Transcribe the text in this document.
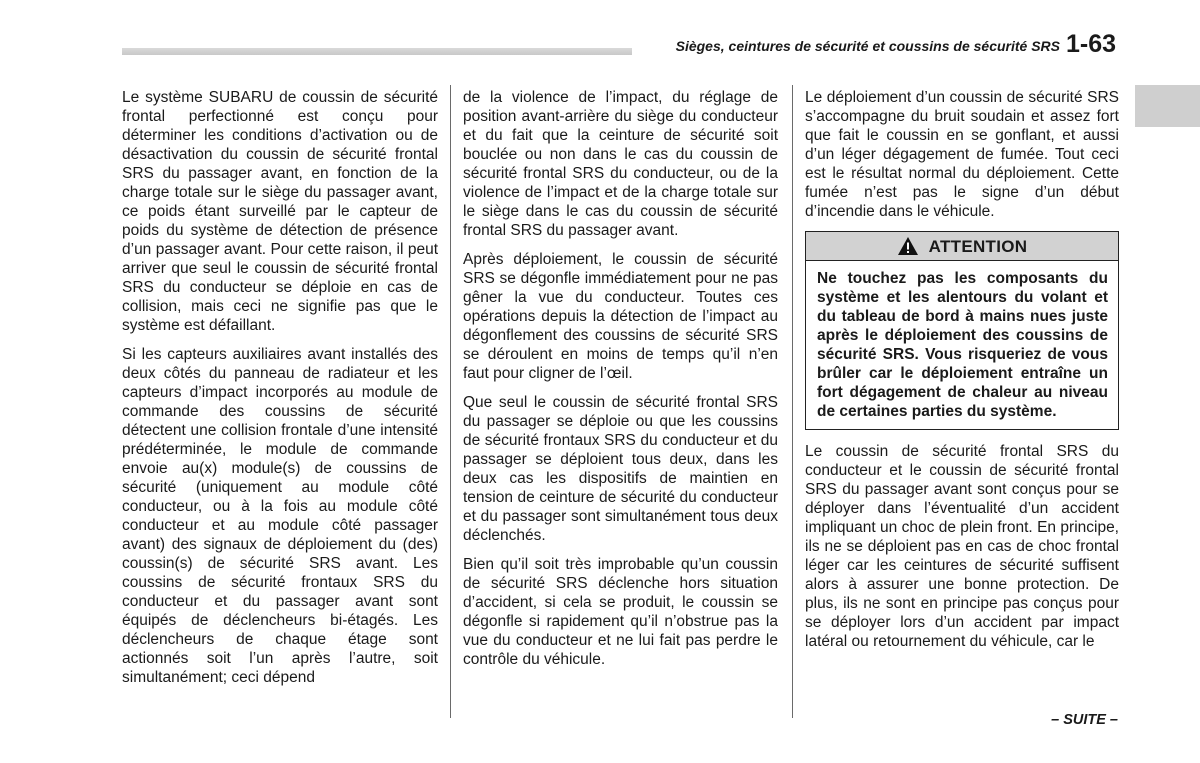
Sièges, ceintures de sécurité et coussins de sécurité SRS 1-63

Le système SUBARU de coussin de sécurité frontal perfectionné est conçu pour déterminer les conditions d’activation ou de désactivation du coussin de sécurité frontal SRS du passager avant, en fonction de la charge totale sur le siège du passager avant, ce poids étant surveillé par le capteur de poids du système de détection de présence d’un passager avant. Pour cette raison, il peut arriver que seul le coussin de sécurité frontal SRS du conducteur se déploie en cas de collision, mais ceci ne signifie pas que le système est défaillant.

Si les capteurs auxiliaires avant installés des deux côtés du panneau de radiateur et les capteurs d’impact incorporés au module de commande des coussins de sécurité détectent une collision frontale d’une intensité prédéterminée, le module de commande envoie au(x) module(s) de coussins de sécurité (uniquement au module côté conducteur, ou à la fois au module côté conducteur et au module côté passager avant) des signaux de déploiement du (des) coussin(s) de sécurité SRS avant. Les coussins de sécurité frontaux SRS du conducteur et du passager avant sont équipés de déclencheurs bi-étagés. Les déclencheurs de chaque étage sont actionnés soit l’un après l’autre, soit simultanément; ceci dépend

de la violence de l’impact, du réglage de position avant-arrière du siège du conducteur et du fait que la ceinture de sécurité soit bouclée ou non dans le cas du coussin de sécurité frontal SRS du conducteur, ou de la violence de l’impact et de la charge totale sur le siège dans le cas du coussin de sécurité frontal SRS du passager avant.

Après déploiement, le coussin de sécurité SRS se dégonfle immédiatement pour ne pas gêner la vue du conducteur. Toutes ces opérations depuis la détection de l’impact au dégonflement des coussins de sécurité SRS se déroulent en moins de temps qu’il n’en faut pour cligner de l’œil.

Que seul le coussin de sécurité frontal SRS du passager se déploie ou que les coussins de sécurité frontaux SRS du conducteur et du passager se déploient tous deux, dans les deux cas les dispositifs de maintien en tension de ceinture de sécurité du conducteur et du passager sont simultanément tous deux déclenchés.

Bien qu’il soit très improbable qu’un coussin de sécurité SRS déclenche hors situation d’accident, si cela se produit, le coussin se dégonfle si rapidement qu’il n’obstrue pas la vue du conducteur et ne lui fait pas perdre le contrôle du véhicule.

Le déploiement d’un coussin de sécurité SRS s’accompagne du bruit soudain et assez fort que fait le coussin en se gonflant, et aussi d’un léger dégagement de fumée. Tout ceci est le résultat normal du déploiement. Cette fumée n’est pas le signe d’un début d’incendie dans le véhicule.

ATTENTION
Ne touchez pas les composants du système et les alentours du volant et du tableau de bord à mains nues juste après le déploiement des coussins de sécurité SRS. Vous risqueriez de vous brûler car le déploiement entraîne un fort dégagement de chaleur au niveau de certaines parties du système.

Le coussin de sécurité frontal SRS du conducteur et le coussin de sécurité frontal SRS du passager avant sont conçus pour se déployer dans l’éventualité d’un accident impliquant un choc de plein front. En principe, ils ne se déploient pas en cas de choc frontal léger car les ceintures de sécurité suffisent alors à assurer une bonne protection. De plus, ils ne sont en principe pas conçus pour se déployer lors d’un accident par impact latéral ou retournement du véhicule, car le

– SUITE –
